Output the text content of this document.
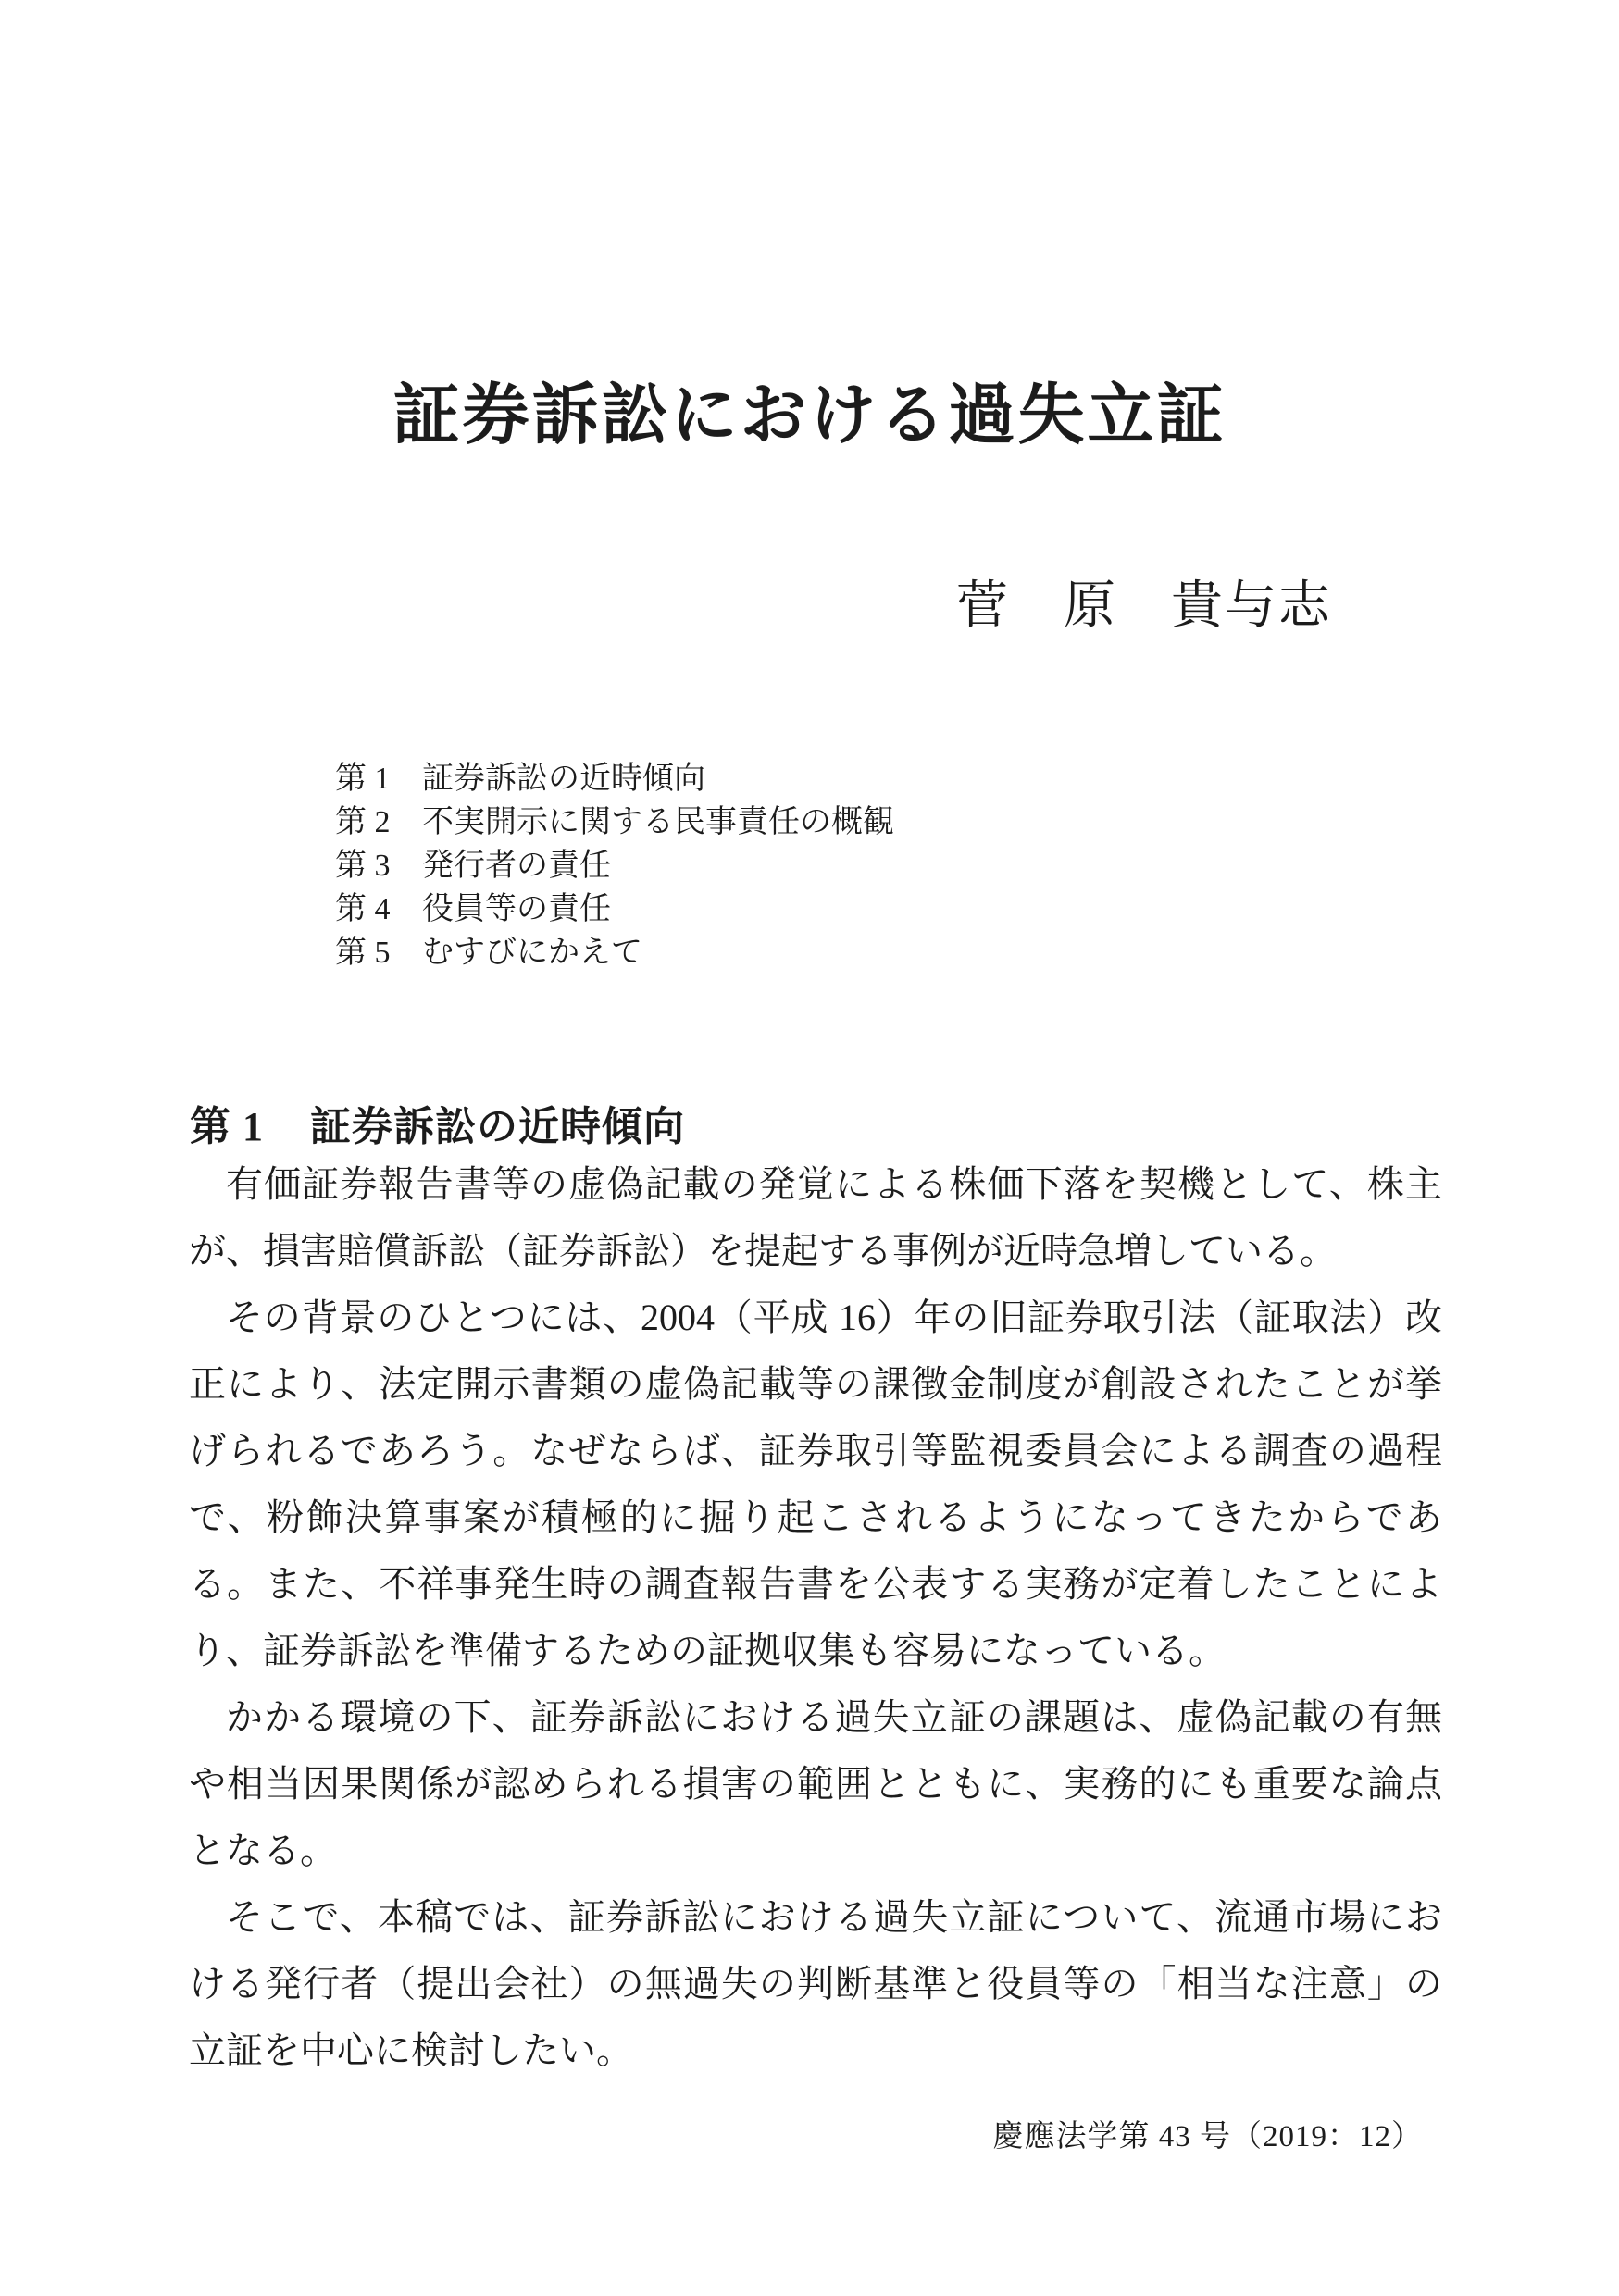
証券訴訟における過失立証
菅　原　貴与志
第 1	証券訴訟の近時傾向
第 2	不実開示に関する民事責任の概観
第 3	発行者の責任
第 4	役員等の責任
第 5	むすびにかえて
第 1 証券訴訟の近時傾向

有価証券報告書等の虚偽記載の発覚による株価下落を契機として、株主が、損害賠償訴訟（証券訴訟）を提起する事例が近時急増している。

その背景のひとつには、2004（平成 16）年の旧証券取引法（証取法）改正により、法定開示書類の虚偽記載等の課徴金制度が創設されたことが挙げられるであろう。なぜならば、証券取引等監視委員会による調査の過程で、粉飾決算事案が積極的に掘り起こされるようになってきたからである。また、不祥事発生時の調査報告書を公表する実務が定着したことにより、証券訴訟を準備するための証拠収集も容易になっている。

かかる環境の下、証券訴訟における過失立証の課題は、虚偽記載の有無や相当因果関係が認められる損害の範囲とともに、実務的にも重要な論点となる。

そこで、本稿では、証券訴訟における過失立証について、流通市場における発行者（提出会社）の無過失の判断基準と役員等の「相当な注意」の立証を中心に検討したい。

慶應法学第 43 号（2019：12）
